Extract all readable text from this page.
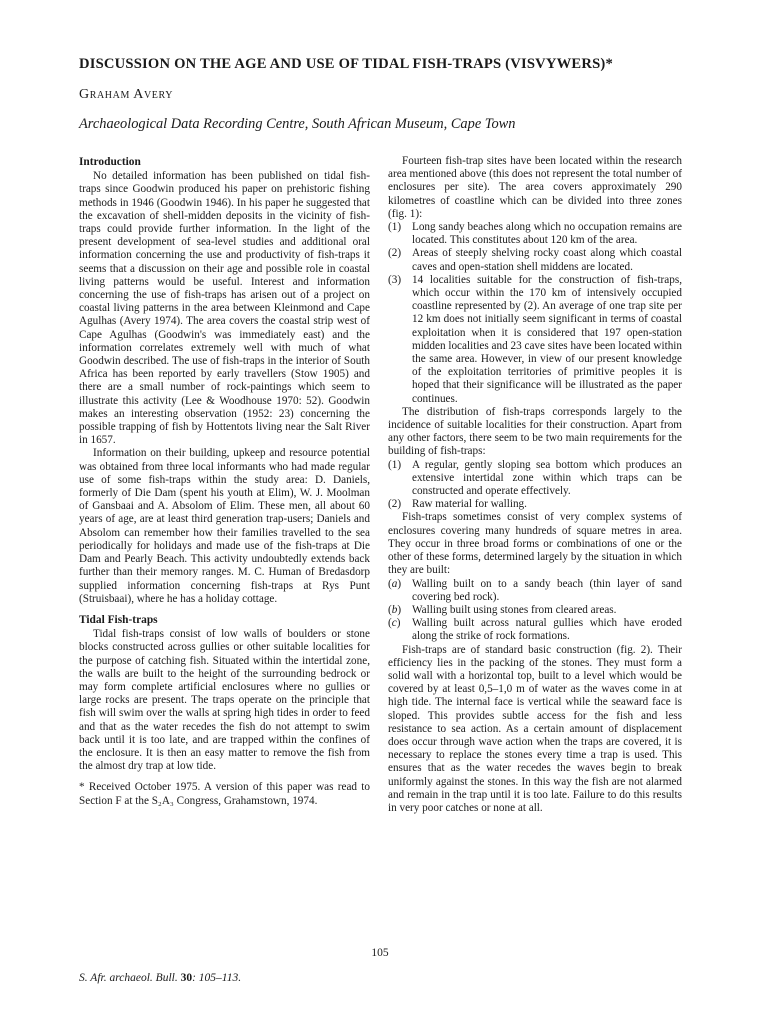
DISCUSSION ON THE AGE AND USE OF TIDAL FISH-TRAPS (VISVYWERS)*
Graham Avery
Archaeological Data Recording Centre, South African Museum, Cape Town
Introduction

No detailed information has been published on tidal fish-traps since Goodwin produced his paper on prehistoric fishing methods in 1946 (Goodwin 1946). In his paper he suggested that the excavation of shell-midden deposits in the vicinity of fish-traps could provide further information. In the light of the present development of sea-level studies and additional oral information concerning the use and productivity of fish-traps it seems that a discussion on their age and possible role in coastal living patterns would be useful. Interest and information concerning the use of fish-traps has arisen out of a project on coastal living patterns in the area between Kleinmond and Cape Agulhas (Avery 1974). The area covers the coastal strip west of Cape Agulhas (Goodwin's was immediately east) and the information correlates extremely well with much of what Goodwin described. The use of fish-traps in the interior of South Africa has been reported by early travellers (Stow 1905) and there are a small number of rock-paintings which seem to illustrate this activity (Lee & Woodhouse 1970: 52). Goodwin makes an interesting observation (1952: 23) concerning the possible trapping of fish by Hottentots living near the Salt River in 1657.

Information on their building, upkeep and resource potential was obtained from three local informants who had made regular use of some fish-traps within the study area: D. Daniels, formerly of Die Dam (spent his youth at Elim), W. J. Moolman of Gansbaai and A. Absolom of Elim. These men, all about 60 years of age, are at least third generation trap-users; Daniels and Absolom can remember how their families travelled to the sea periodically for holidays and made use of the fish-traps at Die Dam and Pearly Beach. This activity undoubtedly extends back further than their memory ranges. M. C. Human of Bredasdorp supplied information concerning fish-traps at Rys Punt (Struisbaai), where he has a holiday cottage.

Tidal Fish-traps

Tidal fish-traps consist of low walls of boulders or stone blocks constructed across gullies or other suitable localities for the purpose of catching fish. Situated within the intertidal zone, the walls are built to the height of the surrounding bedrock or may form complete artificial enclosures where no gullies or large rocks are present. The traps operate on the principle that fish will swim over the walls at spring high tides in order to feed and that as the water recedes the fish do not attempt to swim back until it is too late, and are trapped within the confines of the enclosure. It is then an easy matter to remove the fish from the almost dry trap at low tide.

* Received October 1975. A version of this paper was read to Section F at the S₂A₃ Congress, Grahamstown, 1974.

Fourteen fish-trap sites have been located within the research area mentioned above (this does not represent the total number of enclosures per site). The area covers approximately 290 kilometres of coastline which can be divided into three zones (fig. 1):

(1) Long sandy beaches along which no occupation remains are located. This constitutes about 120 km of the area.
(2) Areas of steeply shelving rocky coast along which coastal caves and open-station shell middens are located.
(3) 14 localities suitable for the construction of fish-traps, which occur within the 170 km of intensively occupied coastline represented by (2). An average of one trap site per 12 km does not initially seem significant in terms of coastal exploitation when it is considered that 197 open-station midden localities and 23 cave sites have been located within the same area. However, in view of our present knowledge of the exploitation territories of primitive peoples it is hoped that their significance will be illustrated as the paper continues.

The distribution of fish-traps corresponds largely to the incidence of suitable localities for their construction. Apart from any other factors, there seem to be two main requirements for the building of fish-traps:

(1) A regular, gently sloping sea bottom which produces an extensive intertidal zone within which traps can be constructed and operate effectively.
(2) Raw material for walling.

Fish-traps sometimes consist of very complex systems of enclosures covering many hundreds of square metres in area. They occur in three broad forms or combinations of one or the other of these forms, determined largely by the situation in which they are built:

(a) Walling built on to a sandy beach (thin layer of sand covering bed rock).
(b) Walling built using stones from cleared areas.
(c)	Walling built across natural gullies which have eroded along the strike of rock formations.

Fish-traps are of standard basic construction (fig. 2). Their efficiency lies in the packing of the stones. They must form a solid wall with a horizontal top, built to a level which would be covered by at least 0,5–1,0 m of water as the waves come in at high tide. The internal face is vertical while the seaward face is sloped. This provides subtle access for the fish and less resistance to sea action. As a certain amount of displacement does occur through wave action when the traps are covered, it is necessary to replace the stones every time a trap is used. This ensures that as the water recedes the waves begin to break uniformly against the stones. In this way the fish are not alarmed and remain in the trap until it is too late. Failure to do this results in very poor catches or none at all.

105
S. Afr. archaeol. Bull. 30: 105–113.
